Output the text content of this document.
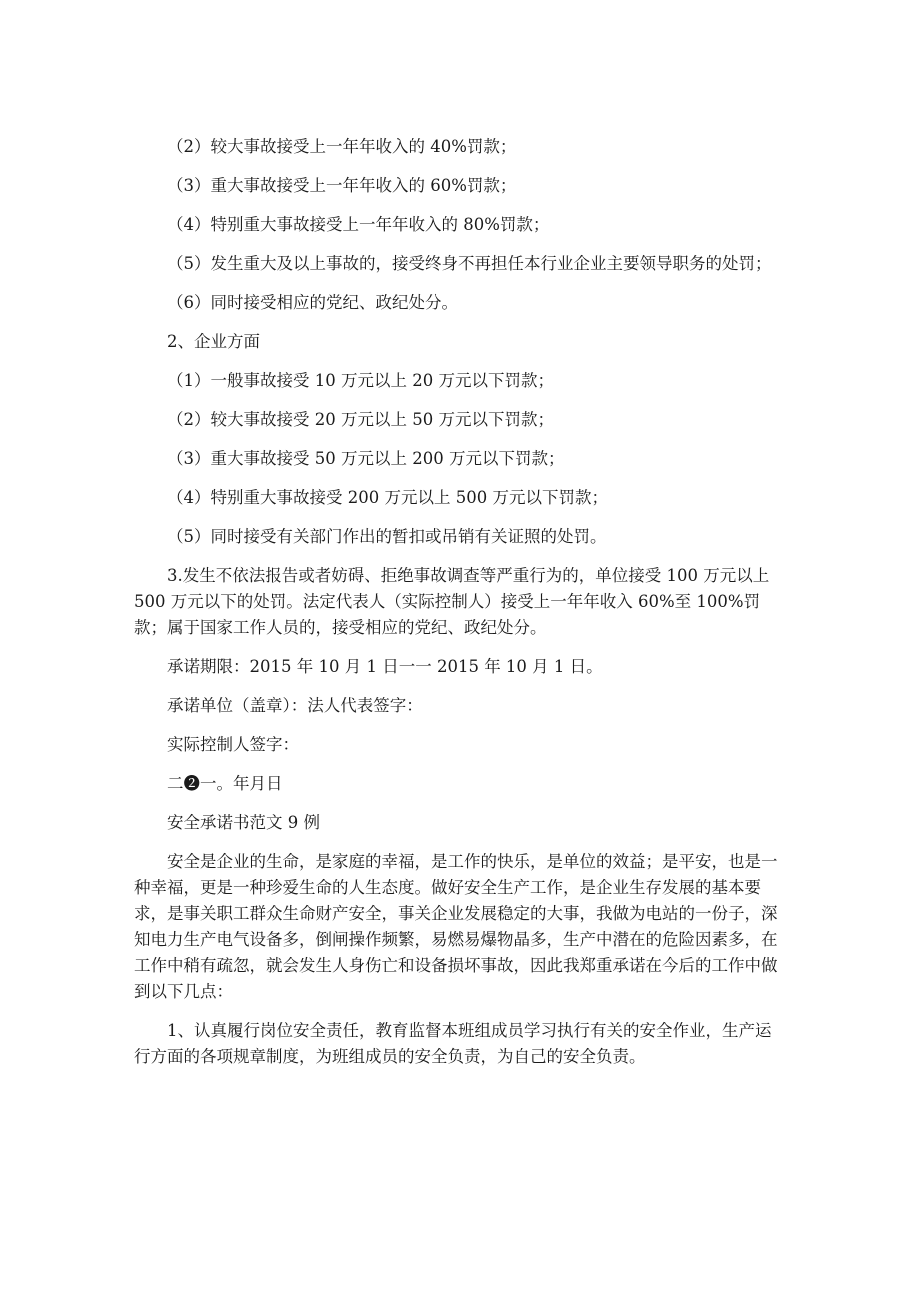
（2）较大事故接受上一年年收入的 40%罚款；

（3）重大事故接受上一年年收入的 60%罚款；

（4）特别重大事故接受上一年年收入的 80%罚款；

（5）发生重大及以上事故的，接受终身不再担任本行业企业主要领导职务的处罚；

（6）同时接受相应的党纪、政纪处分。

2、企业方面

（1）一般事故接受 10 万元以上 20 万元以下罚款；

（2）较大事故接受 20 万元以上 50 万元以下罚款；

（3）重大事故接受 50 万元以上 200 万元以下罚款；

（4）特别重大事故接受 200 万元以上 500 万元以下罚款；

（5）同时接受有关部门作出的暂扣或吊销有关证照的处罚。

3.发生不依法报告或者妨碍、拒绝事故调查等严重行为的，单位接受 100 万元以上 500 万元以下的处罚。法定代表人（实际控制人）接受上一年年收入 60%至 100%罚款；属于国家工作人员的，接受相应的党纪、政纪处分。

承诺期限：2015 年 10 月 1 日一一 2015 年 10 月 1 日。

承诺单位（盖章）：法人代表签字：

实际控制人签字：

二❷一。年月日

安全承诺书范文 9 例

安全是企业的生命，是家庭的幸福，是工作的快乐，是单位的效益；是平安，也是一种幸福，更是一种珍爱生命的人生态度。做好安全生产工作，是企业生存发展的基本要求，是事关职工群众生命财产安全，事关企业发展稳定的大事，我做为电站的一份子，深知电力生产电气设备多，倒闸操作频繁，易燃易爆物晶多，生产中潜在的危险因素多，在工作中稍有疏忽，就会发生人身伤亡和设备损坏事故，因此我郑重承诺在今后的工作中做到以下几点：

1、认真履行岗位安全责任，教育监督本班组成员学习执行有关的安全作业，生产运行方面的各项规章制度，为班组成员的安全负责，为自己的安全负责。
